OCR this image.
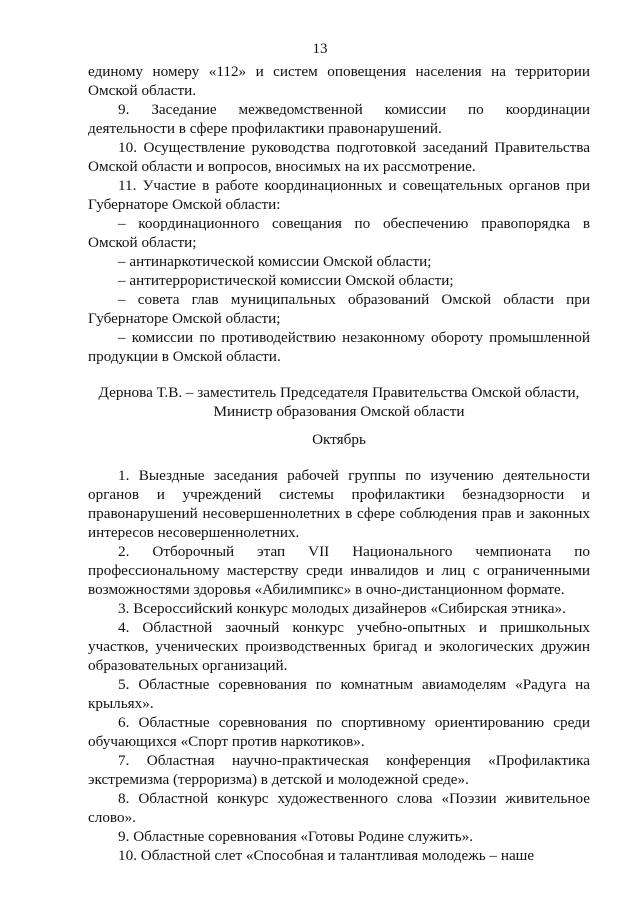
13

единому номеру «112» и систем оповещения населения на территории Омской области.

9. Заседание межведомственной комиссии по координации деятельности в сфере профилактики правонарушений.

10. Осуществление руководства подготовкой заседаний Правительства Омской области и вопросов, вносимых на их рассмотрение.

11. Участие в работе координационных и совещательных органов при Губернаторе Омской области:

– координационного совещания по обеспечению правопорядка в Омской области;

– антинаркотической комиссии Омской области;

– антитеррористической комиссии Омской области;

– совета глав муниципальных образований Омской области при Губернаторе Омской области;

– комиссии по противодействию незаконному обороту промышленной продукции в Омской области.

Дернова Т.В. – заместитель Председателя Правительства Омской области,

Министр образования Омской области

Октябрь

1. Выездные заседания рабочей группы по изучению деятельности органов и учреждений системы профилактики безнадзорности и правонарушений несовершеннолетних в сфере соблюдения прав и законных интересов несовершеннолетних.

2. Отборочный этап VII Национального чемпионата по профессиональному мастерству среди инвалидов и лиц с ограниченными возможностями здоровья «Абилимпикс» в очно-дистанционном формате.

3. Всероссийский конкурс молодых дизайнеров «Сибирская этника».

4. Областной заочный конкурс учебно-опытных и пришкольных участков, ученических производственных бригад и экологических дружин образовательных организаций.

5. Областные соревнования по комнатным авиамоделям «Радуга на крыльях».

6. Областные соревнования по спортивному ориентированию среди обучающихся «Спорт против наркотиков».

7. Областная научно-практическая конференция «Профилактика экстремизма (терроризма) в детской и молодежной среде».

8. Областной конкурс художественного слова «Поэзии живительное слово».

9. Областные соревнования «Готовы Родине служить».

10. Областной слет «Способная и талантливая молодежь – наше
